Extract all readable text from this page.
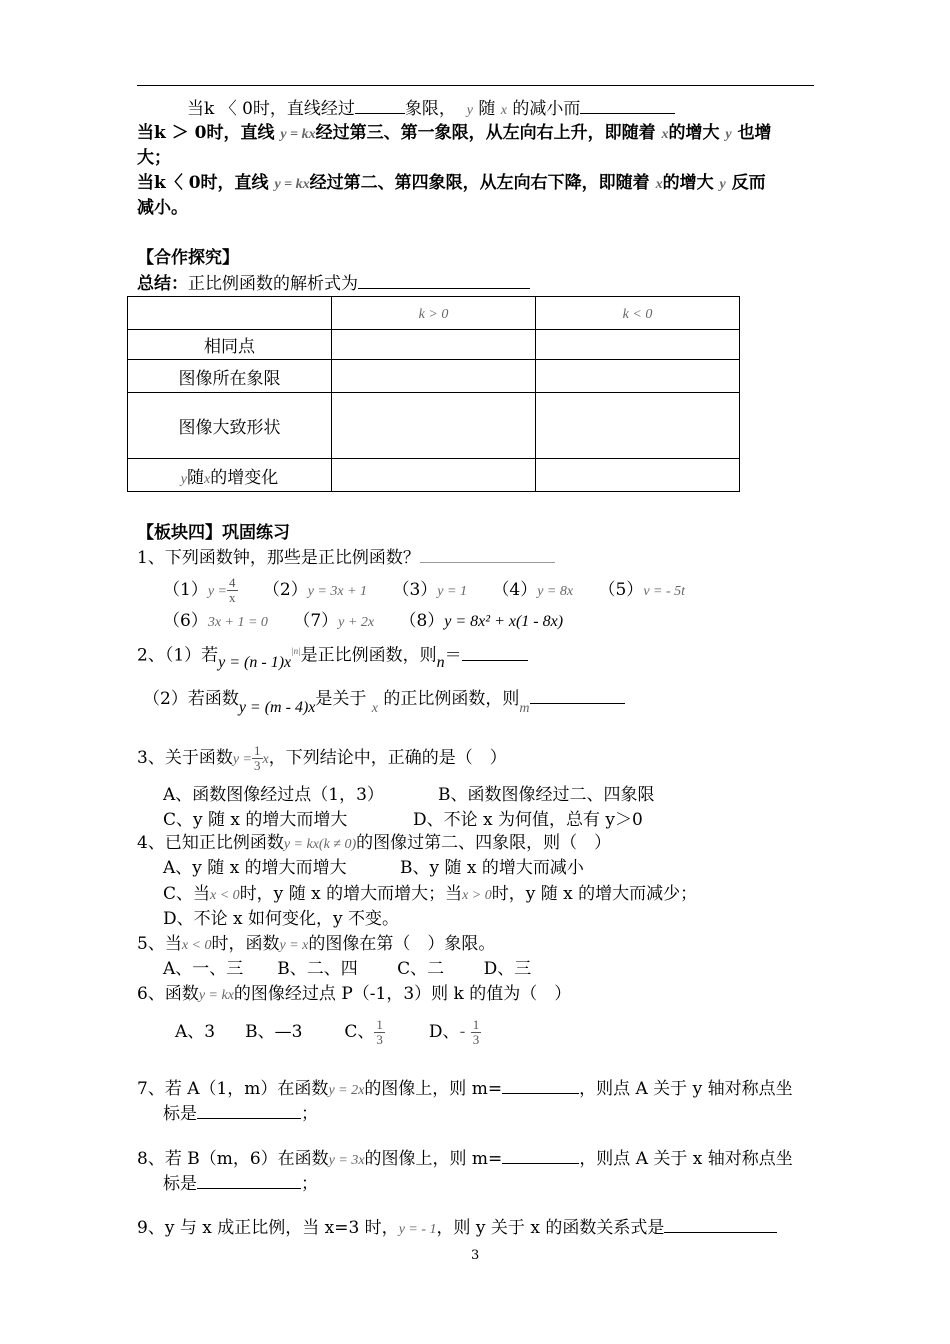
当k 〈 0时，直线经过	象限， y 随 x 的减小而
当k ＞ 0时，直线 y = kx经过第三、第一象限，从左向右上升，即随着 x的增大 y 也增
大；
当k〈 0时，直线 y = kx经过第二、第四象限，从左向右下降，即随着 x的增大 y 反而
减小。
【合作探究】
总结：正比例函数的解析式为
	k > 0	k < 0
相同点		
图像所在象限		
图像大致形状		
y随x的增变化		
【板块四】巩固练习
1、下列函数钟，那些是正比例函数？
$(1)y = \frac{4}{x} (2)y = 3x + 1$ （3）y = 1 （4）y = 8x （5）v = - 5t
（6）3x + 1 = 0 （7）y + 2x （8）y = 8x² + x(1 - 8x)
2、（1）若$y = (n - 1)x^{|n|}$是正比例函数，则n＝
（2）若函数y = (m - 4)x是关于 $_x$ 的正比例函数，则$_m$
3、关于函数$y = \frac{1}{3}$ x，下列结论中，正确的是（　）
A、函数图像经过点（1，3）	B、函数图像经过二、四象限
C、y 随 x 的增大而增大	D、不论 x 为何值，总有 y＞0
4、已知正比例函数y = kx(k ≠ 0)的图像过第二、四象限，则（　）
A、y 随 x 的增大而增大	B、y 随 x 的增大而减小
C、当x < 0时，y 随 x 的增大而增大；当x > 0时，y 随 x 的增大而减少；
D、不论 x 如何变化，y 不变。
5、当x < 0时，函数y = x的图像在第（　）象限。
A、一、三　　B、二、四　　 C、二　　 D、三
6、函数y = kx的图像经过点 P（-1，3）则 k 的值为（　）
A、3 B、—3 C、 $\frac{1}{3}$	D、- $\frac{1}{3}$
7、若 A（1，m）在函数y = 2x的图像上，则 m=	，则点 A 关于 y 轴对称点坐
标是	；
8、若 B（m，6）在函数y = 3x的图像上，则 m=	，则点 A 关于 x 轴对称点坐
标是	；
9、y 与 x 成正比例，当 x=3 时，y = - 1，则 y 关于 x 的函数关系式是
3
